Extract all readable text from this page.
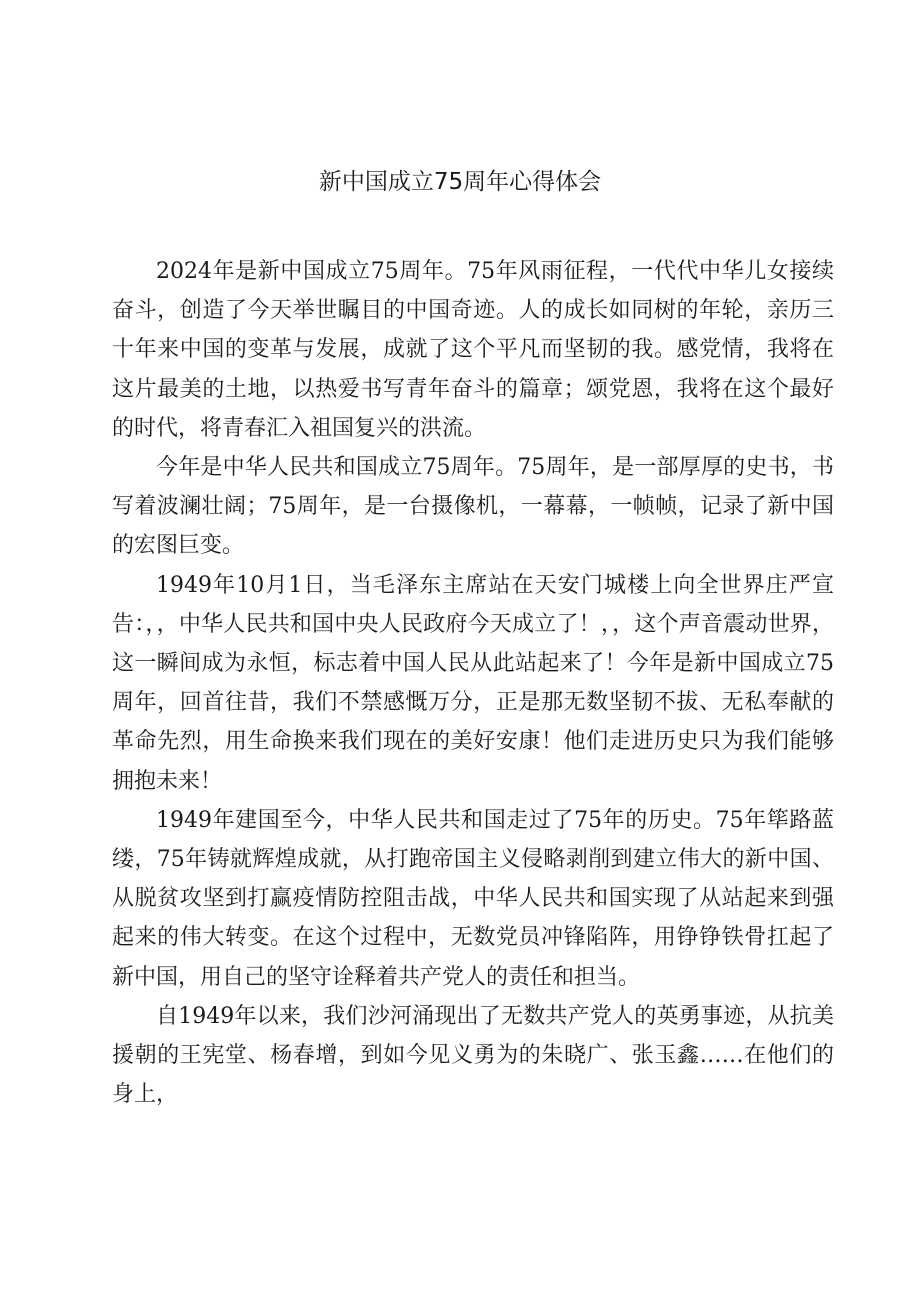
新中国成立75周年心得体会

2024年是新中国成立75周年。75年风雨征程，一代代中华儿女接续奋斗，创造了今天举世瞩目的中国奇迹。人的成长如同树的年轮，亲历三十年来中国的变革与发展，成就了这个平凡而坚韧的我。感党情，我将在这片最美的土地，以热爱书写青年奋斗的篇章；颂党恩，我将在这个最好的时代，将青春汇入祖国复兴的洪流。

今年是中华人民共和国成立75周年。75周年，是一部厚厚的史书，书写着波澜壮阔；75周年，是一台摄像机，一幕幕，一帧帧，记录了新中国的宏图巨变。

1949年10月1日，当毛泽东主席站在天安门城楼上向全世界庄严宣告：，，中华人民共和国中央人民政府今天成立了！，，这个声音震动世界，这一瞬间成为永恒，标志着中国人民从此站起来了！今年是新中国成立75周年，回首往昔，我们不禁感慨万分，正是那无数坚韧不拔、无私奉献的革命先烈，用生命换来我们现在的美好安康！他们走进历史只为我们能够拥抱未来！

1949年建国至今，中华人民共和国走过了75年的历史。75年筚路蓝缕，75年铸就辉煌成就，从打跑帝国主义侵略剥削到建立伟大的新中国、从脱贫攻坚到打赢疫情防控阻击战，中华人民共和国实现了从站起来到强起来的伟大转变。在这个过程中，无数党员冲锋陷阵，用铮铮铁骨扛起了新中国，用自己的坚守诠释着共产党人的责任和担当。

自1949年以来，我们沙河涌现出了无数共产党人的英勇事迹，从抗美援朝的王宪堂、杨春增，到如今见义勇为的朱晓广、张玉鑫……在他们的身上，
